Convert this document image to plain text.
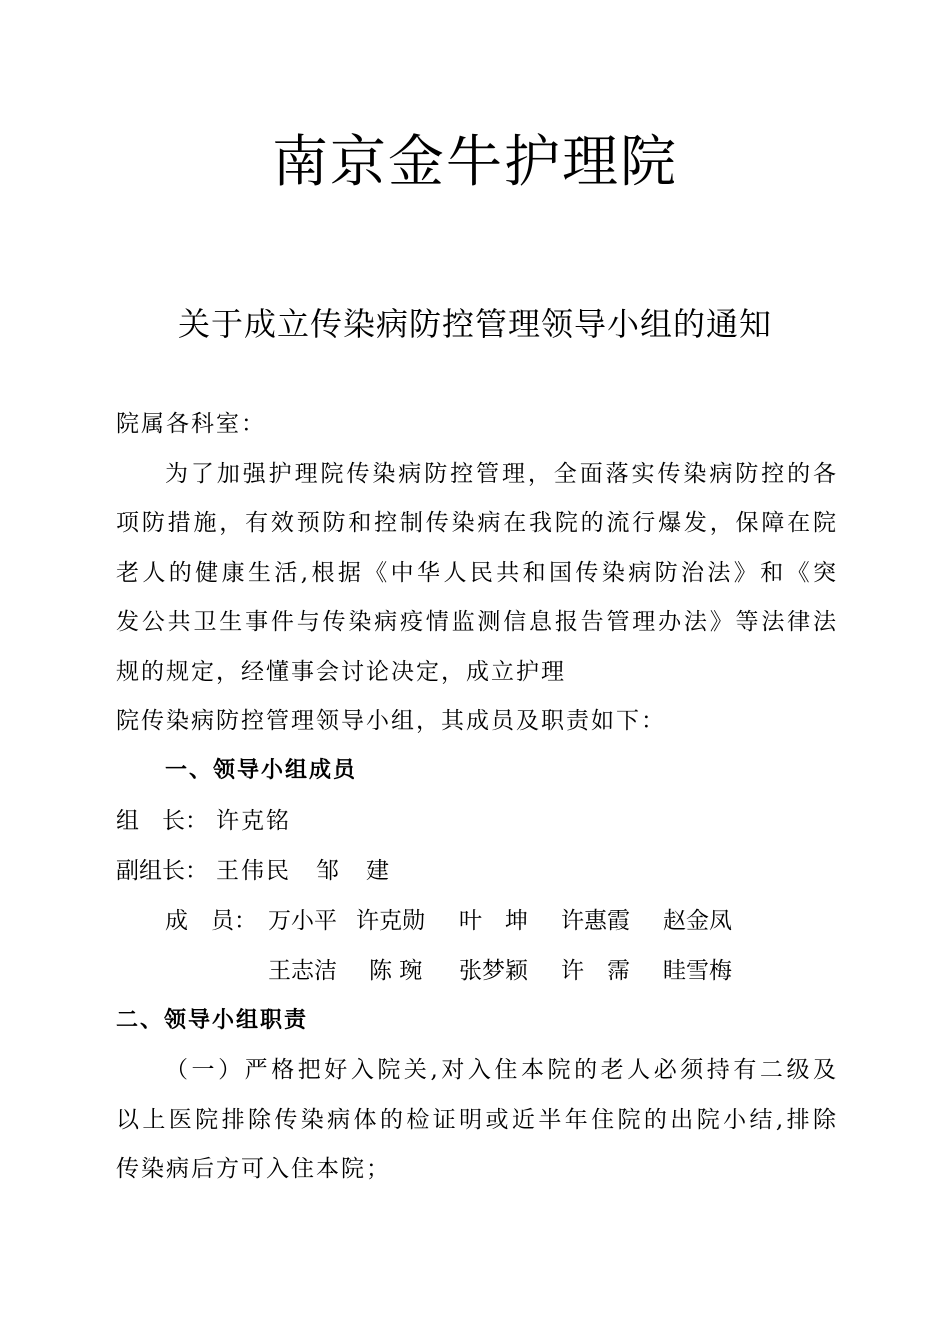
南京金牛护理院
关于成立传染病防控管理领导小组的通知
院属各科室：
为了加强护理院传染病防控管理，全面落实传染病防控的各
项防措施，有效预防和控制传染病在我院的流行爆发，保障在院
老人的健康生活,根据《中华人民共和国传染病防治法》和《突
发公共卫生事件与传染病疫情监测信息报告管理办法》等法律法
规的规定，经懂事会讨论决定，成立护理
院传染病防控管理领导小组，其成员及职责如下：
一、领导小组成员
组　长： 许克铭
副组长： 王伟民 邹　建
成　员： 万小平 许克勋 叶　坤 许惠霞 赵金凤
王志洁 陈 琬 张梦颖 许　霈 眭雪梅
二、领导小组职责
（一）严格把好入院关,对入住本院的老人必须持有二级及
以上医院排除传染病体的检证明或近半年住院的出院小结,排除
传染病后方可入住本院；
